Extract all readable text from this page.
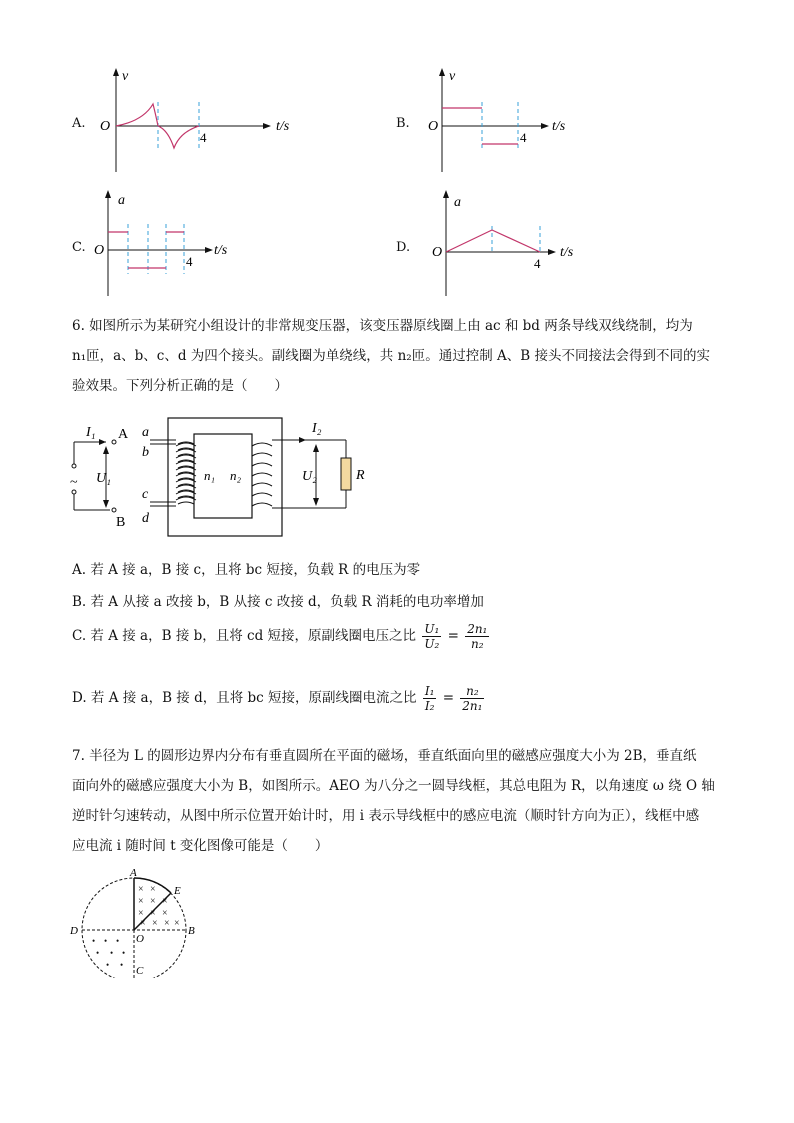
A.
v
O	t/s
4
B.
v
O	t/s
4
C.
a
O	t/s
4
D.
a
O	t/s
4
6. 如图所示为某研究小组设计的非常规变压器，该变压器原线圈上由 ac 和 bd 两条导线双线绕制，均为
n₁匝，a、b、c、d 为四个接头。副线圈为单绕线，共 n₂匝。通过控制 A、B 接头不同接法会得到不同的实
验效果。下列分析正确的是（　　）
I₁ A
B
U₁
~
a
b
c
d
n₁ n₂	R
I₂
U₂
A. 若 A 接 a，B 接 c，且将 bc 短接，负载 R 的电压为零
B. 若 A 从接 a 改接 b，B 从接 c 改接 d，负载 R 消耗的电功率增加
C. 若 A 接 a，B 接 b，且将 cd 短接，原副线圈电压之比 $\frac{\text{U₁}}{\text{U₂}} = \frac{\text{2n₁}}{\text{n₂}}$
D. 若 A 接 a，B 接 d，且将 bc 短接，原副线圈电流之比 $\frac{\text{I₁}}{\text{I₂}} = \frac{\text{n₂}}{\text{2n₁}}$
7. 半径为 L 的圆形边界内分布有垂直圆所在平面的磁场，垂直纸面向里的磁感应强度大小为 2B，垂直纸
面向外的磁感应强度大小为 B，如图所示。AEO 为八分之一圆导线框，其总电阻为 R，以角速度 ω 绕 O 轴
逆时针匀速转动，从图中所示位置开始计时，用 i 表示导线框中的感应电流（顺时针方向为正），线框中感
应电流 i 随时间 t 变化图像可能是（　　）
A
E
D
O
B
C
× ×
× × ×
× × ×
× × × ×
• • •
• • •
• •
